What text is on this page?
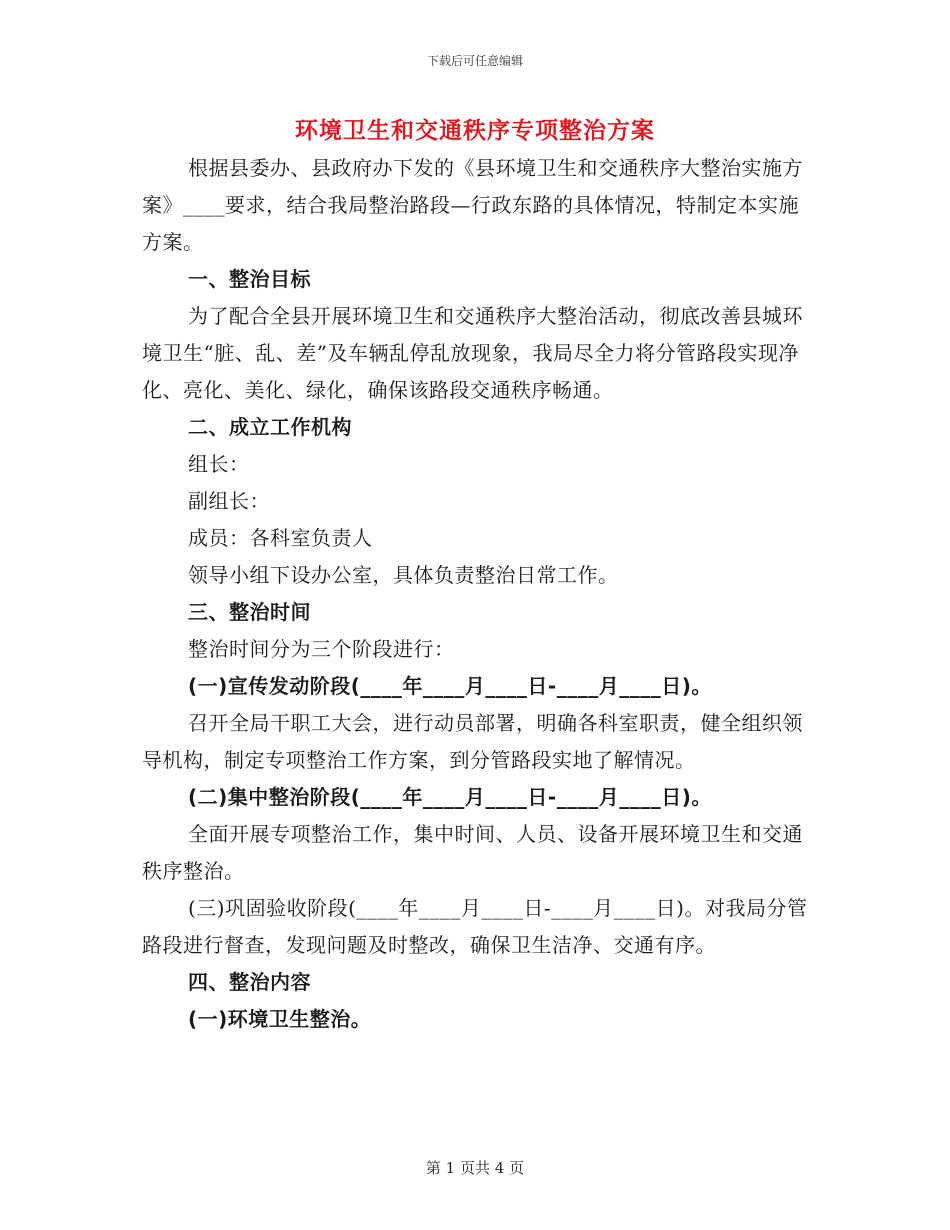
下载后可任意编辑
环境卫生和交通秩序专项整治方案

根据县委办、县政府办下发的《县环境卫生和交通秩序大整治实施方案》____要求，结合我局整治路段—行政东路的具体情况，特制定本实施方案。

一、整治目标

为了配合全县开展环境卫生和交通秩序大整治活动，彻底改善县城环境卫生“脏、乱、差”及车辆乱停乱放现象，我局尽全力将分管路段实现净化、亮化、美化、绿化，确保该路段交通秩序畅通。

二、成立工作机构

组长：

副组长：

成员：各科室负责人

领导小组下设办公室，具体负责整治日常工作。

三、整治时间

整治时间分为三个阶段进行：

(一)宣传发动阶段(____年____月____日-____月____日)。

召开全局干职工大会，进行动员部署，明确各科室职责，健全组织领导机构，制定专项整治工作方案，到分管路段实地了解情况。

(二)集中整治阶段(____年____月____日-____月____日)。

全面开展专项整治工作，集中时间、人员、设备开展环境卫生和交通秩序整治。

(三)巩固验收阶段(____年____月____日-____月____日)。对我局分管路段进行督查，发现问题及时整改，确保卫生洁净、交通有序。

四、整治内容

(一)环境卫生整治。

第 1 页共 4 页
